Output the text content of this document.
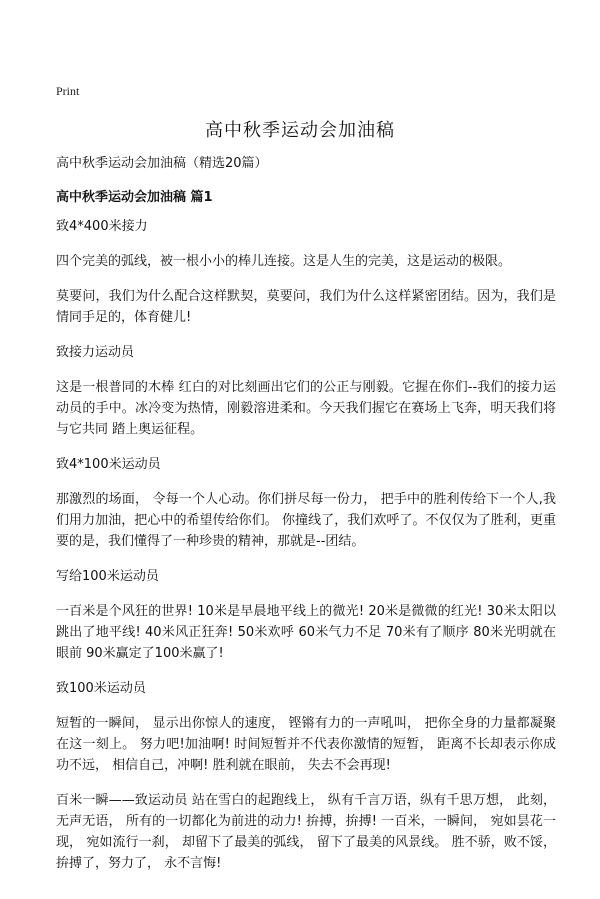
Print
高中秋季运动会加油稿
高中秋季运动会加油稿（精选20篇）
高中秋季运动会加油稿 篇1
致4*400米接力
四个完美的弧线，被一根小小的棒儿连接。这是人生的完美，这是运动的极限。
莫要问，我们为什么配合这样默契，莫要问，我们为什么这样紧密团结。因为，我们是情同手足的，体育健儿!
致接力运动员
这是一根普同的木棒 红白的对比刻画出它们的公正与刚毅。它握在你们--我们的接力运动员的手中。冰冷变为热情，刚毅溶进柔和。今天我们握它在赛场上飞奔，明天我们将与它共同 踏上奥运征程。
致4*100米运动员
那激烈的场面， 令每一个人心动。你们拼尽每一份力， 把手中的胜利传给下一个人,我们用力加油，把心中的希望传给你们。 你撞线了，我们欢呼了。不仅仅为了胜利，更重要的是，我们懂得了一种珍贵的精神，那就是--团结。
写给100米运动员
一百米是个风狂的世界! 10米是早晨地平线上的微光! 20米是微微的红光! 30米太阳以跳出了地平线! 40米风正狂奔! 50米欢呼 60米气力不足 70米有了顺序 80米光明就在眼前 90米赢定了100米赢了!
致100米运动员
短暂的一瞬间， 显示出你惊人的速度， 铿锵有力的一声吼叫， 把你全身的力量都凝聚在这一刻上。 努力吧!加油啊! 时间短暂并不代表你激情的短暂， 距离不长却表示你成功不远， 相信自己，冲啊! 胜利就在眼前， 失去不会再现!
百米一瞬——致运动员 站在雪白的起跑线上， 纵有千言万语，纵有千思万想， 此刻，无声无语， 所有的一切都化为前进的动力! 拚搏，拚搏! 一百米，一瞬间， 宛如昙花一现， 宛如流行一刹， 却留下了最美的弧线， 留下了最美的风景线。 胜不骄，败不馁， 拚搏了，努力了， 永不言悔!
